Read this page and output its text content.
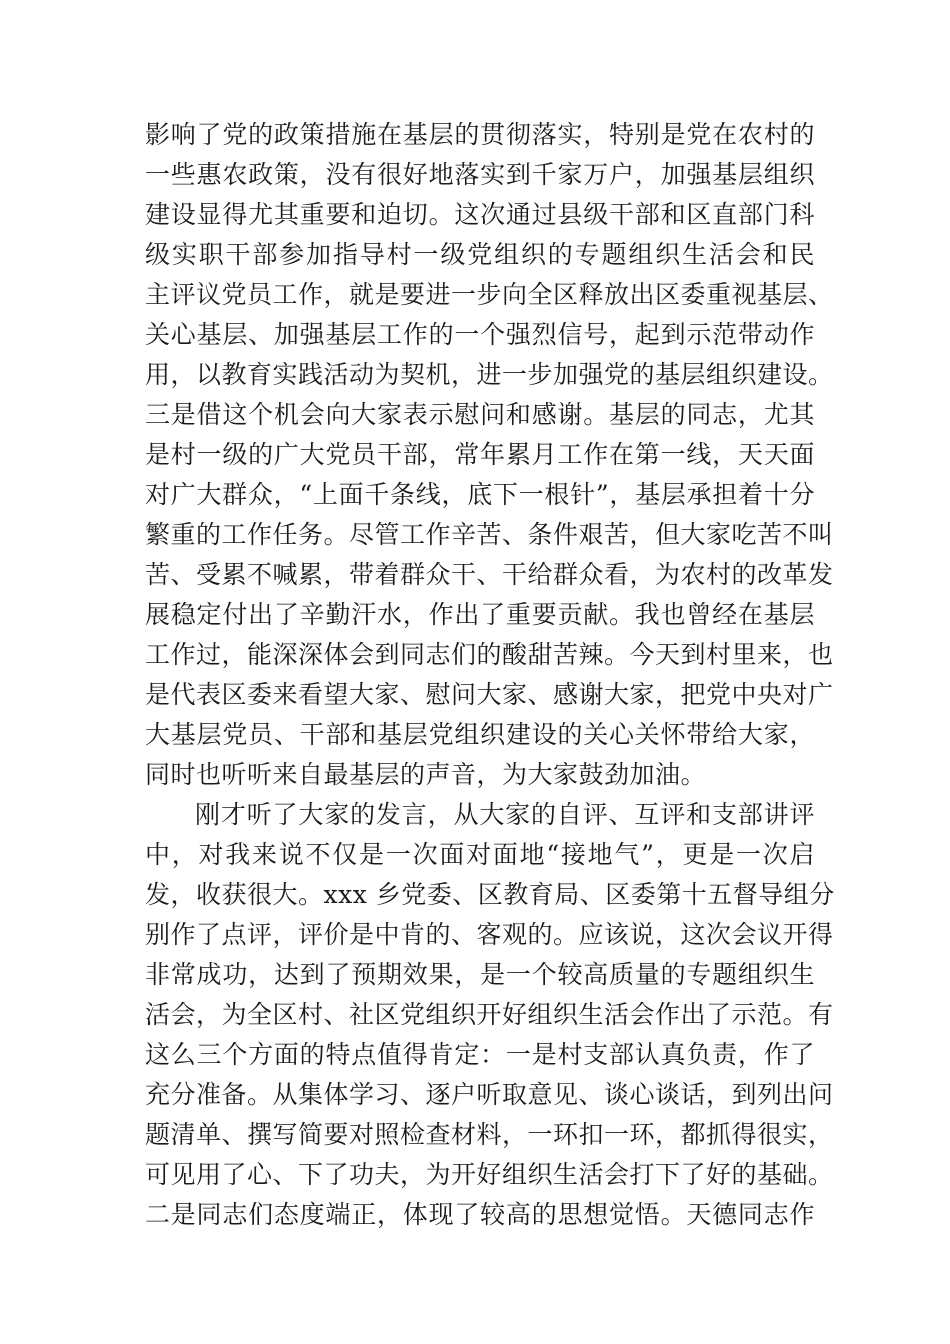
影响了党的政策措施在基层的贯彻落实，特别是党在农村的
一些惠农政策，没有很好地落实到千家万户，加强基层组织
建设显得尤其重要和迫切。这次通过县级干部和区直部门科
级实职干部参加指导村一级党组织的专题组织生活会和民
主评议党员工作，就是要进一步向全区释放出区委重视基层、
关心基层、加强基层工作的一个强烈信号，起到示范带动作
用，以教育实践活动为契机，进一步加强党的基层组织建设。
三是借这个机会向大家表示慰问和感谢。基层的同志，尤其
是村一级的广大党员干部，常年累月工作在第一线，天天面
对广大群众，“上面千条线，底下一根针”，基层承担着十分
繁重的工作任务。尽管工作辛苦、条件艰苦，但大家吃苦不叫
苦、受累不喊累，带着群众干、干给群众看，为农村的改革发
展稳定付出了辛勤汗水，作出了重要贡献。我也曾经在基层
工作过，能深深体会到同志们的酸甜苦辣。今天到村里来，也
是代表区委来看望大家、慰问大家、感谢大家，把党中央对广
大基层党员、干部和基层党组织建设的关心关怀带给大家，
同时也听听来自最基层的声音，为大家鼓劲加油。
刚才听了大家的发言，从大家的自评、互评和支部讲评
中，对我来说不仅是一次面对面地“接地气”，更是一次启
发，收获很大。xxx 乡党委、区教育局、区委第十五督导组分
别作了点评，评价是中肯的、客观的。应该说，这次会议开得
非常成功，达到了预期效果，是一个较高质量的专题组织生
活会，为全区村、社区党组织开好组织生活会作出了示范。有
这么三个方面的特点值得肯定：一是村支部认真负责，作了
充分准备。从集体学习、逐户听取意见、谈心谈话，到列出问
题清单、撰写简要对照检查材料，一环扣一环，都抓得很实，
可见用了心、下了功夫，为开好组织生活会打下了好的基础。
二是同志们态度端正，体现了较高的思想觉悟。天德同志作
